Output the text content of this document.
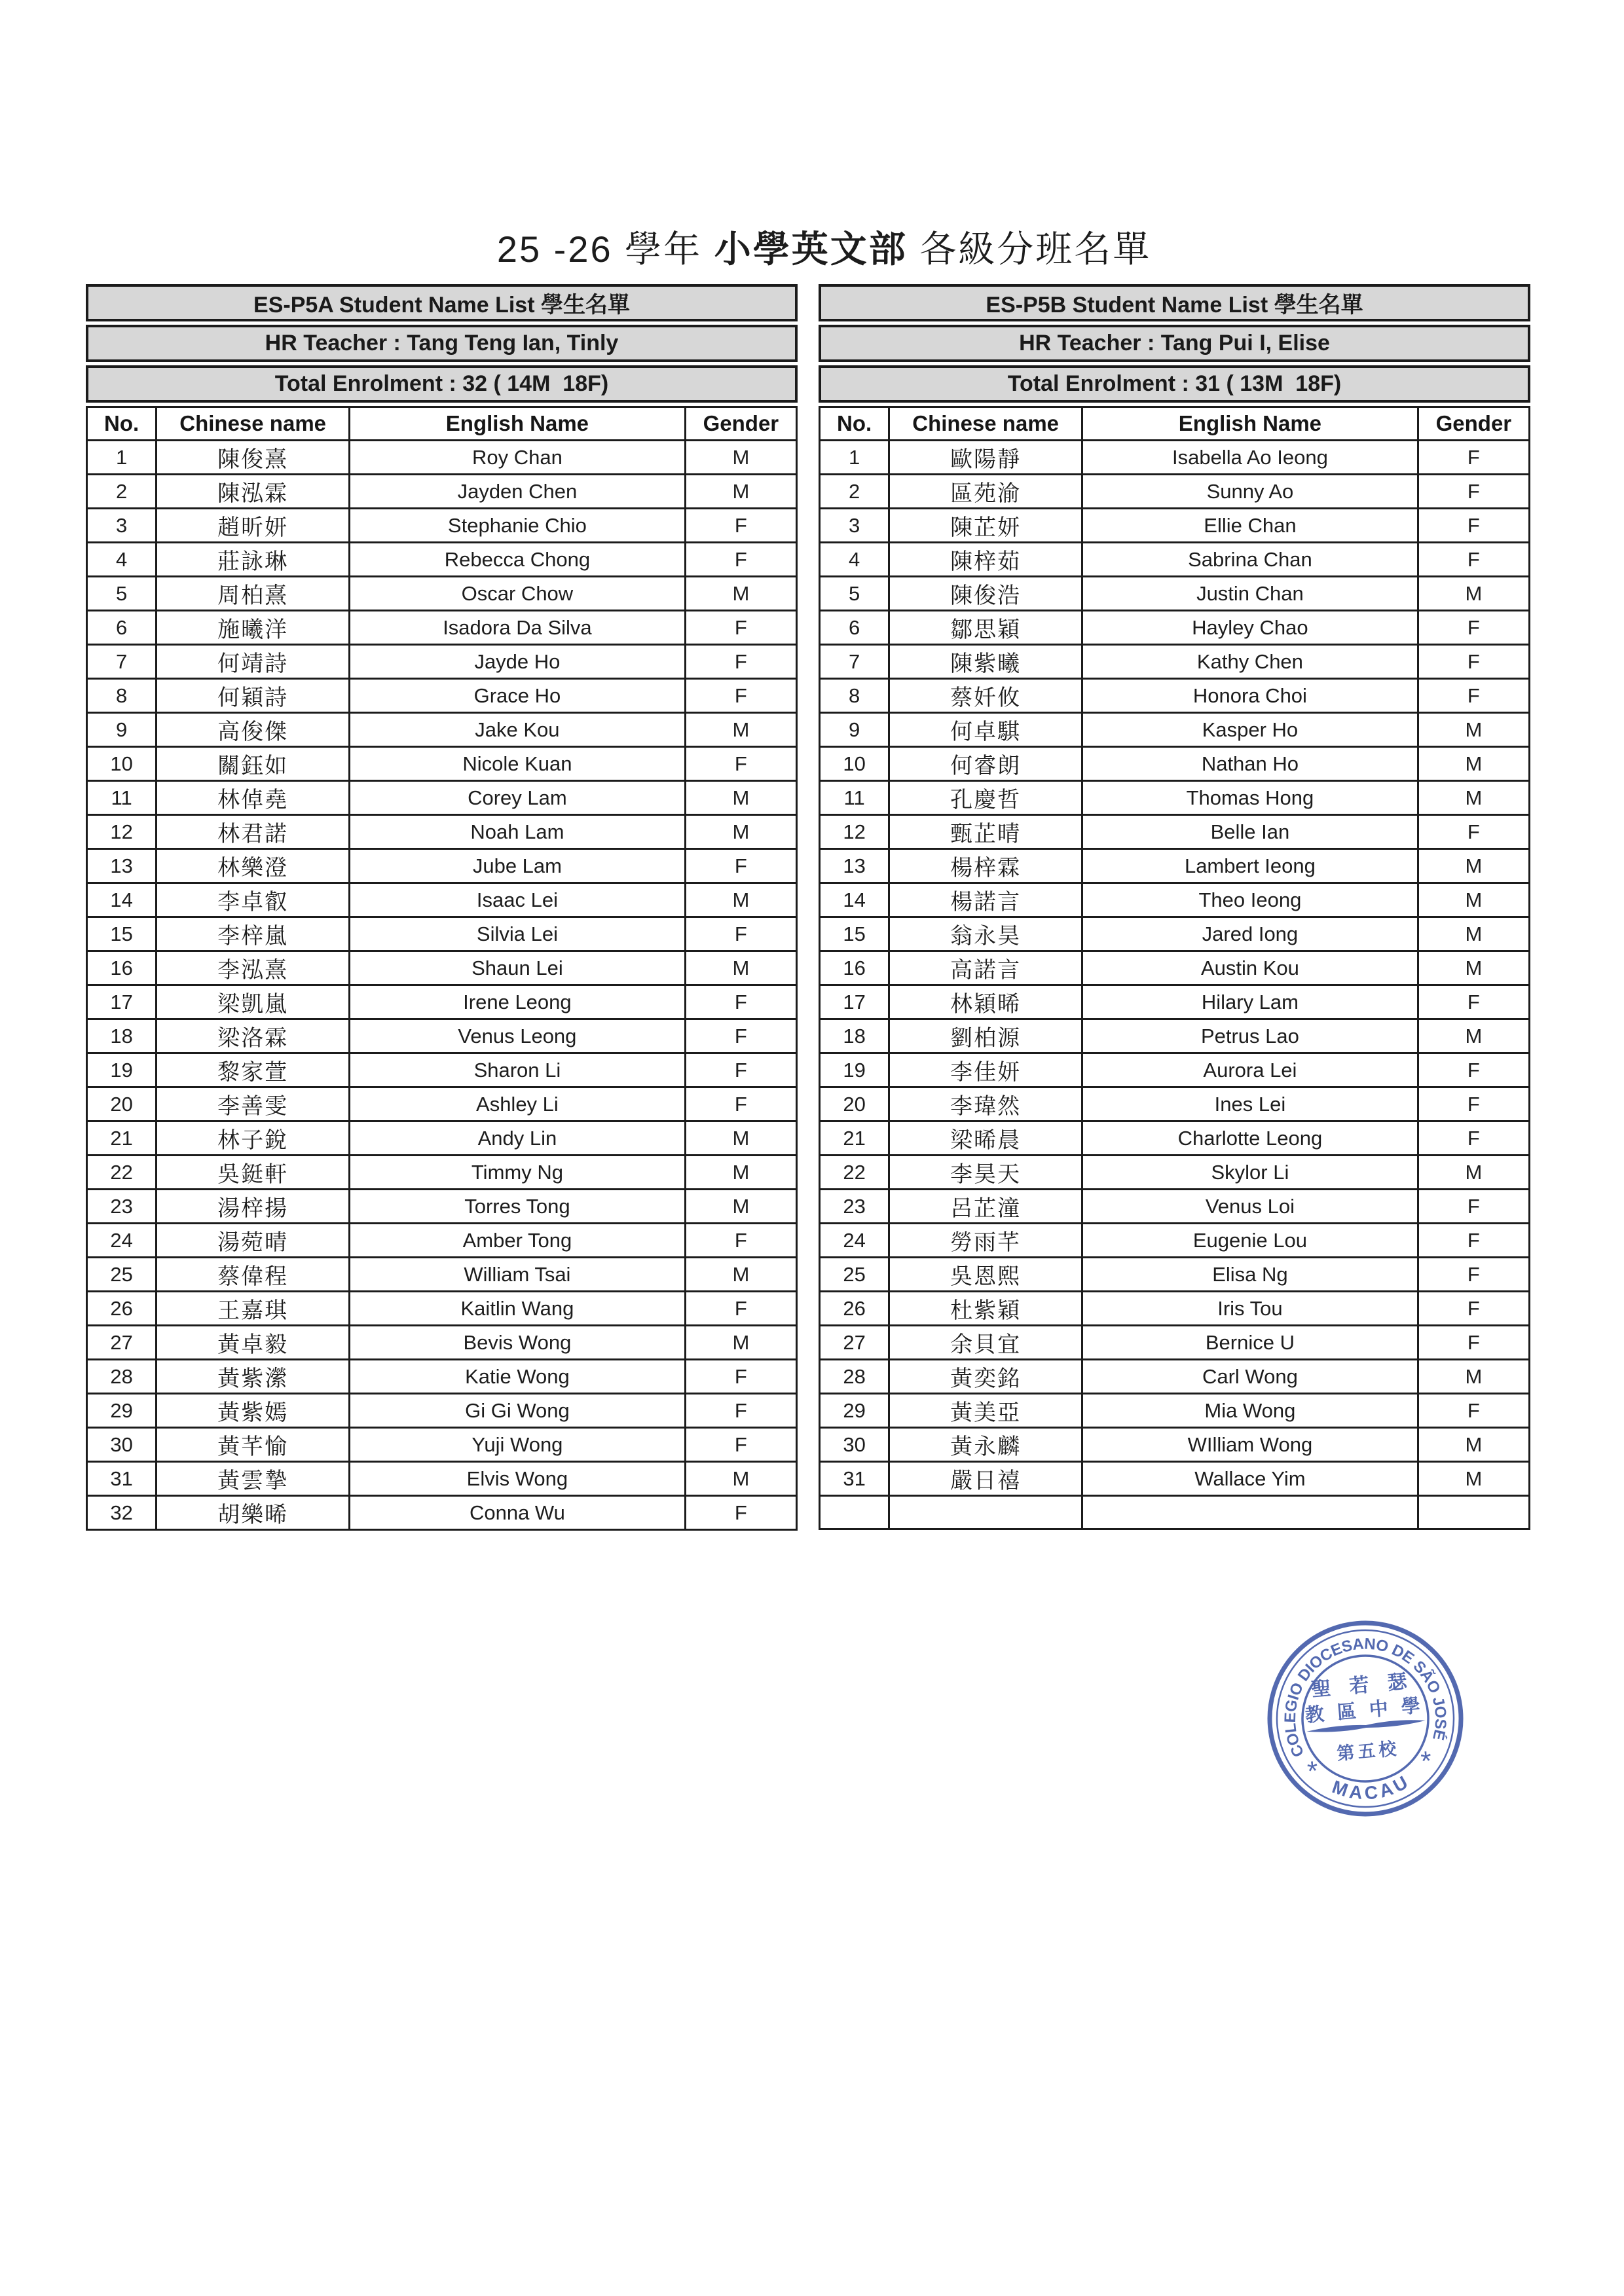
25 -26 學年 小學英文部 各級分班名單

ES-P5A Student Name List 學生名單
HR Teacher : Tang Teng Ian, Tinly
Total Enrolment : 32 ( 14M  18F)
No.	Chinese name	English Name	Gender
1	陳俊熹	Roy Chan	M
2	陳泓霖	Jayden Chen	M
3	趙昕妍	Stephanie Chio	F
4	莊詠琳	Rebecca Chong	F
5	周柏熹	Oscar Chow	M
6	施曦洋	Isadora Da Silva	F
7	何靖詩	Jayde Ho	F
8	何穎詩	Grace Ho	F
9	高俊傑	Jake Kou	M
10	關鈺如	Nicole Kuan	F
11	林倬堯	Corey Lam	M
12	林君諾	Noah Lam	M
13	林樂澄	Jube Lam	F
14	李卓叡	Isaac Lei	M
15	李梓嵐	Silvia Lei	F
16	李泓熹	Shaun Lei	M
17	梁凱嵐	Irene Leong	F
18	梁洛霖	Venus Leong	F
19	黎家萱	Sharon Li	F
20	李善雯	Ashley Li	F
21	林子銳	Andy Lin	M
22	吳鋌軒	Timmy Ng	M
23	湯梓揚	Torres Tong	M
24	湯菀晴	Amber Tong	F
25	蔡偉程	William Tsai	M
26	王嘉琪	Kaitlin Wang	F
27	黃卓毅	Bevis Wong	M
28	黃紫瀠	Katie Wong	F
29	黃紫嫣	Gi Gi Wong	F
30	黃芊愉	Yuji Wong	F
31	黃雲摯	Elvis Wong	M
32	胡樂晞	Conna Wu	F
ES-P5B Student Name List 學生名單
HR Teacher : Tang Pui I, Elise
Total Enrolment : 31 ( 13M  18F)
No.	Chinese name	English Name	Gender
1	歐陽靜	Isabella Ao Ieong	F
2	區苑渝	Sunny Ao	F
3	陳芷妍	Ellie Chan	F
4	陳梓茹	Sabrina Chan	F
5	陳俊浩	Justin Chan	M
6	鄒思穎	Hayley Chao	F
7	陳紫曦	Kathy Chen	F
8	蔡奷攸	Honora Choi	F
9	何卓騏	Kasper Ho	M
10	何睿朗	Nathan Ho	M
11	孔慶哲	Thomas Hong	M
12	甄芷晴	Belle Ian	F
13	楊梓霖	Lambert Ieong	M
14	楊諾言	Theo Ieong	M
15	翁永昊	Jared Iong	M
16	高諾言	Austin Kou	M
17	林穎晞	Hilary Lam	F
18	劉柏源	Petrus Lao	M
19	李佳妍	Aurora Lei	F
20	李瑋然	Ines Lei	F
21	梁晞晨	Charlotte Leong	F
22	李昊天	Skylor Li	M
23	呂芷潼	Venus Loi	F
24	勞雨芊	Eugenie Lou	F
25	吳恩熙	Elisa Ng	F
26	杜紫穎	Iris Tou	F
27	余貝宜	Bernice U	F
28	黃奕銘	Carl Wong	M
29	黃美亞	Mia Wong	F
30	黃永麟	WIlliam Wong	M
31	嚴日禧	Wallace Yim	M

COLEGIO DIOCESANO DE SÃO JOSÉ
MACAU
*	*
聖 若 瑟
教 區 中 學
第五校
